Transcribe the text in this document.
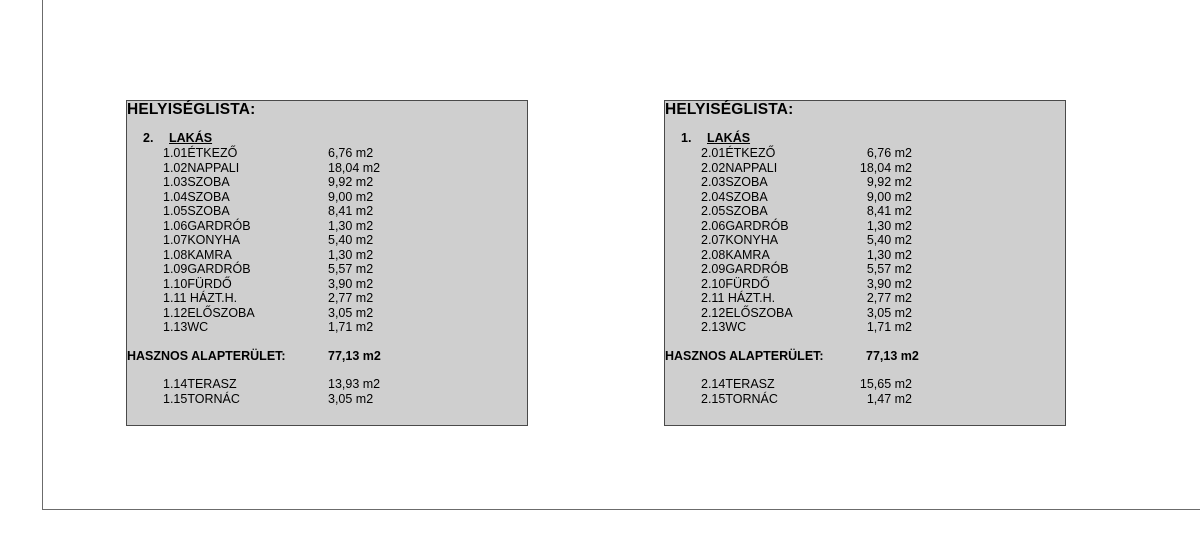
HELYISÉGLISTA:
2. LAKÁS
1.01ÉTKEZŐ	6,76 m2
1.02NAPPALI	18,04 m2
1.03SZOBA	9,92 m2
1.04SZOBA	9,00 m2
1.05SZOBA	8,41 m2
1.06GARDRÓB	1,30 m2
1.07KONYHA	5,40 m2
1.08KAMRA	1,30 m2
1.09GARDRÓB	5,57 m2
1.10FÜRDŐ	3,90 m2
1.11 HÁZT.H.	2,77 m2
1.12ELŐSZOBA	3,05 m2
1.13WC	1,71 m2
HASZNOS ALAPTERÜLET:	77,13 m2
1.14TERASZ	13,93 m2
1.15TORNÁC	3,05 m2
HELYISÉGLISTA:
1. LAKÁS
2.01ÉTKEZŐ	6,76 m2
2.02NAPPALI	18,04 m2
2.03SZOBA	9,92 m2
2.04SZOBA	9,00 m2
2.05SZOBA	8,41 m2
2.06GARDRÓB	1,30 m2
2.07KONYHA	5,40 m2
2.08KAMRA	1,30 m2
2.09GARDRÓB	5,57 m2
2.10FÜRDŐ	3,90 m2
2.11 HÁZT.H.	2,77 m2
2.12ELŐSZOBA	3,05 m2
2.13WC	1,71 m2
HASZNOS ALAPTERÜLET:	77,13 m2
2.14TERASZ	15,65 m2
2.15TORNÁC	1,47 m2
